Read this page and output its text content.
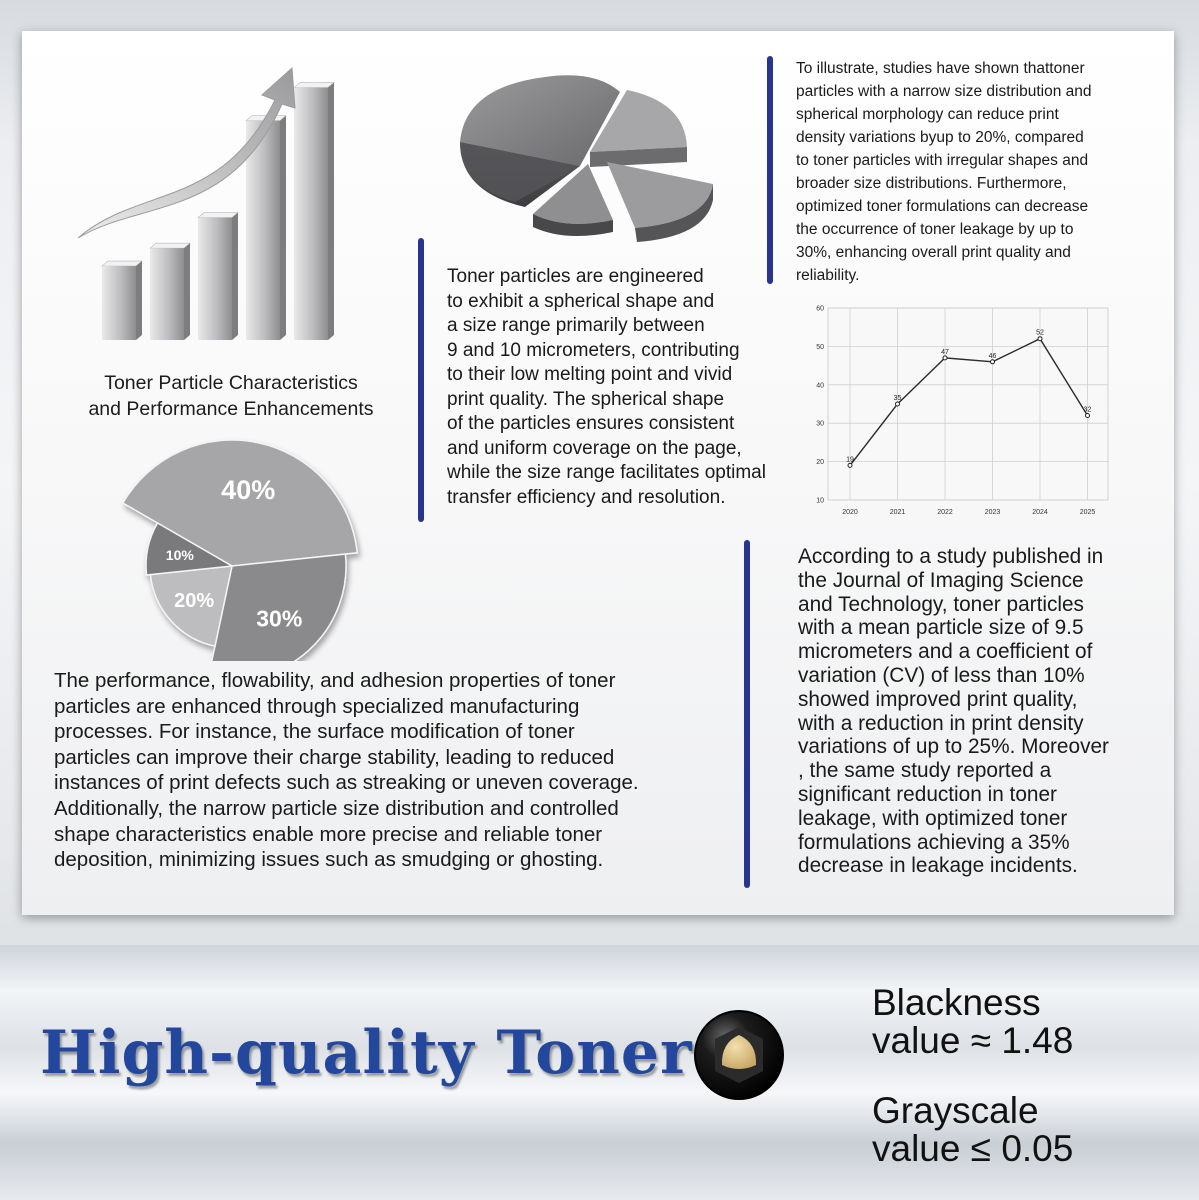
Toner Particle Characteristics
and Performance Enhancements
Toner particles are engineered
to exhibit a spherical shape and
a size range primarily between
9 and 10 micrometers, contributing
to their low melting point and vivid
print quality. The spherical shape
of the particles ensures consistent
and uniform coverage on the page,
while the size range facilitates optimal
transfer efficiency and resolution.
To illustrate, studies have shown thattoner
particles with a narrow size distribution and
spherical morphology can reduce print
density variations byup to 20%, compared
to toner particles with irregular shapes and
broader size distributions. Furthermore,
optimized toner formulations can decrease
the occurrence of toner leakage by up to
30%, enhancing overall print quality and
reliability.
40%
30%
20%
10%
10
20
30
40
50
60
2020	2021	2022	2023	2024	2025
19
35
47
46
52
32
The performance, flowability, and adhesion properties of toner
particles are enhanced through specialized manufacturing
processes. For instance, the surface modification of toner
particles can improve their charge stability, leading to reduced
instances of print defects such as streaking or uneven coverage.
Additionally, the narrow particle size distribution and controlled
shape characteristics enable more precise and reliable toner
deposition, minimizing issues such as smudging or ghosting.
According to a study published in
the Journal of Imaging Science
and Technology, toner particles
with a mean particle size of 9.5
micrometers and a coefficient of
variation (CV) of less than 10%
showed improved print quality,
with a reduction in print density
variations of up to 25%. Moreover
, the same study reported a
significant reduction in toner
leakage, with optimized toner
formulations achieving a 35%
decrease in leakage incidents.
High-quality Toner
Blackness
value ≈ 1.48
Grayscale
value ≤ 0.05
